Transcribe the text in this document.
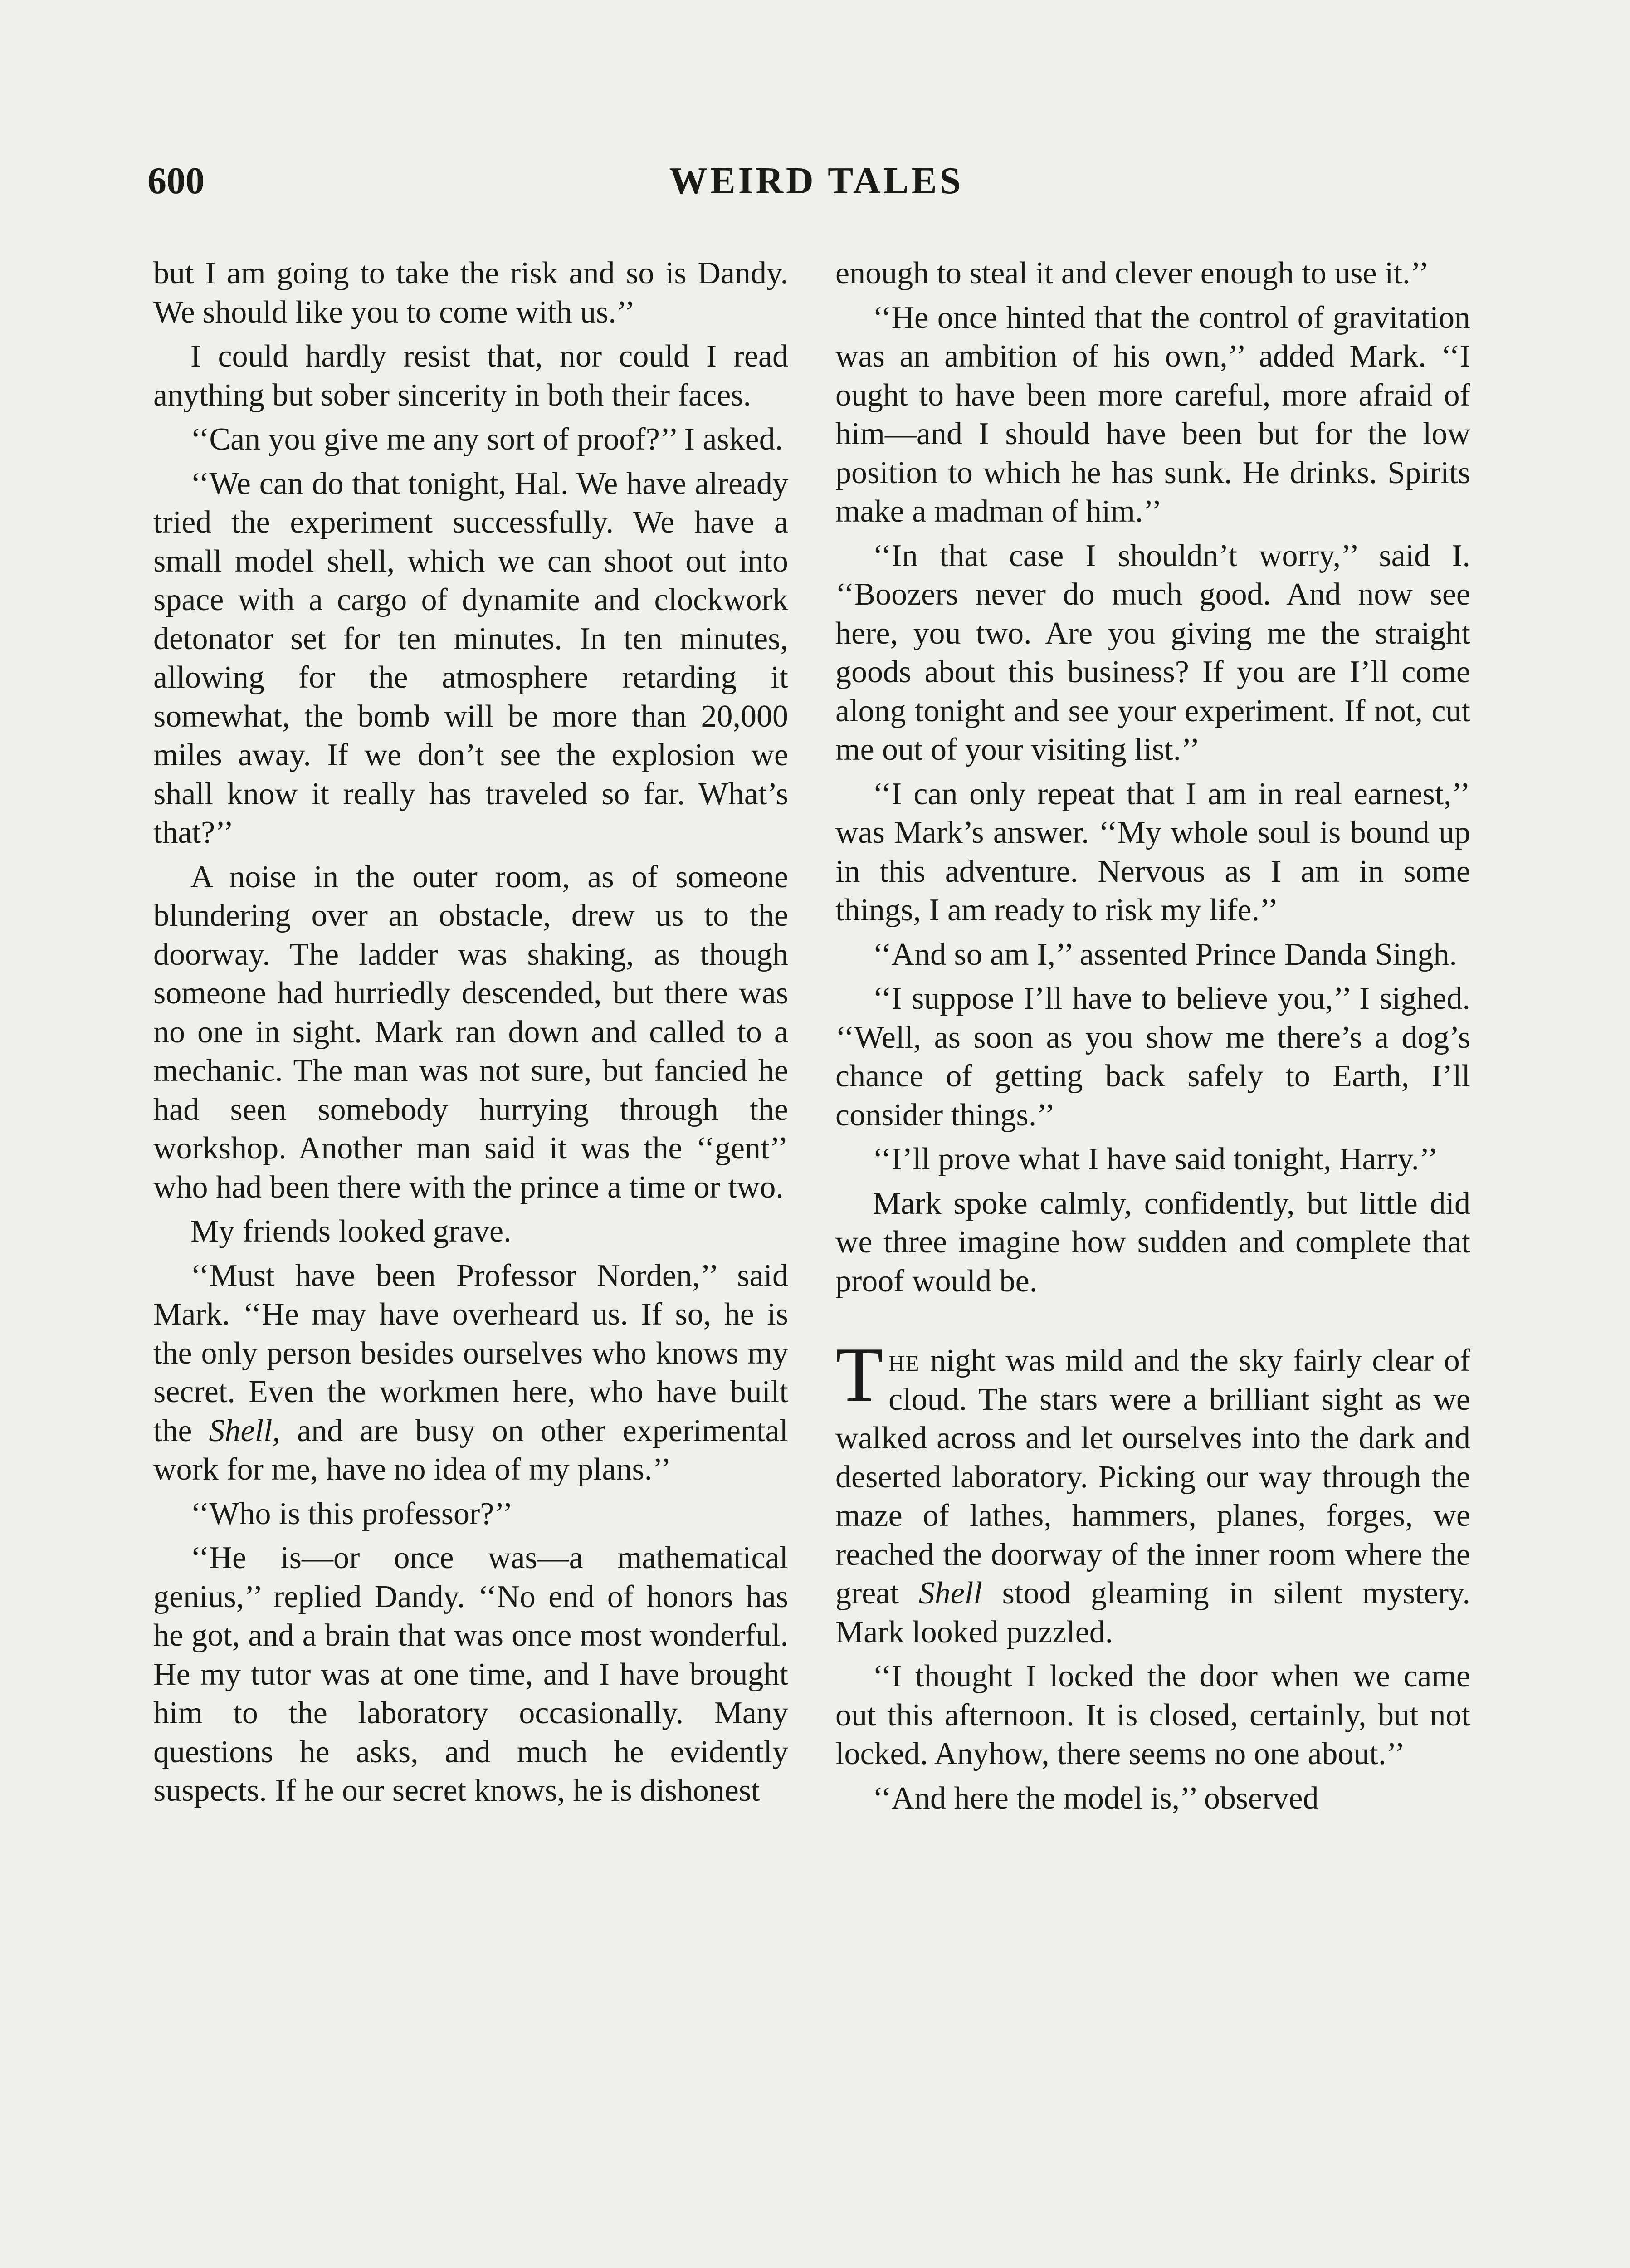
600	WEIRD TALES

but I am going to take the risk and so is Dandy. We should like you to come with us.’’

I could hardly resist that, nor could I read anything but sober sincerity in both their faces.

‘‘Can you give me any sort of proof?’’ I asked.

‘‘We can do that tonight, Hal. We have already tried the experiment successfully. We have a small model shell, which we can shoot out into space with a cargo of dynamite and clockwork detonator set for ten minutes. In ten minutes, allowing for the atmosphere retarding it somewhat, the bomb will be more than 20,000 miles away. If we don’t see the explosion we shall know it really has traveled so far. What’s that?’’

A noise in the outer room, as of someone blundering over an obstacle, drew us to the doorway. The ladder was shaking, as though someone had hurriedly descended, but there was no one in sight. Mark ran down and called to a mechanic. The man was not sure, but fancied he had seen somebody hurrying through the workshop. Another man said it was the ‘‘gent’’ who had been there with the prince a time or two.

My friends looked grave.

‘‘Must have been Professor Norden,’’ said Mark. ‘‘He may have overheard us. If so, he is the only person besides ourselves who knows my secret. Even the workmen here, who have built the Shell, and are busy on other experimental work for me, have no idea of my plans.’’

‘‘Who is this professor?’’

‘‘He is—or once was—a mathematical genius,’’ replied Dandy. ‘‘No end of honors has he got, and a brain that was once most wonderful. He my tutor was at one time, and I have brought him to the laboratory occasionally. Many questions he asks, and much he evidently suspects. If he our secret knows, he is dishonest

enough to steal it and clever enough to use it.’’

‘‘He once hinted that the control of gravitation was an ambition of his own,’’ added Mark. ‘‘I ought to have been more careful, more afraid of him—and I should have been but for the low position to which he has sunk. He drinks. Spirits make a madman of him.’’

‘‘In that case I shouldn’t worry,’’ said I. ‘‘Boozers never do much good. And now see here, you two. Are you giving me the straight goods about this business? If you are I’ll come along tonight and see your experiment. If not, cut me out of your visiting list.’’

‘‘I can only repeat that I am in real earnest,’’ was Mark’s answer. ‘‘My whole soul is bound up in this adventure. Nervous as I am in some things, I am ready to risk my life.’’

‘‘And so am I,’’ assented Prince Danda Singh.

‘‘I suppose I’ll have to believe you,’’ I sighed. ‘‘Well, as soon as you show me there’s a dog’s chance of getting back safely to Earth, I’ll consider things.’’

‘‘I’ll prove what I have said tonight, Harry.’’

Mark spoke calmly, confidently, but little did we three imagine how sudden and complete that proof would be.

The night was mild and the sky fairly clear of cloud. The stars were a brilliant sight as we walked across and let ourselves into the dark and deserted laboratory. Picking our way through the maze of lathes, hammers, planes, forges, we reached the doorway of the inner room where the great Shell stood gleaming in silent mystery. Mark looked puzzled.

‘‘I thought I locked the door when we came out this afternoon. It is closed, certainly, but not locked. Anyhow, there seems no one about.’’

‘‘And here the model is,’’ observed
